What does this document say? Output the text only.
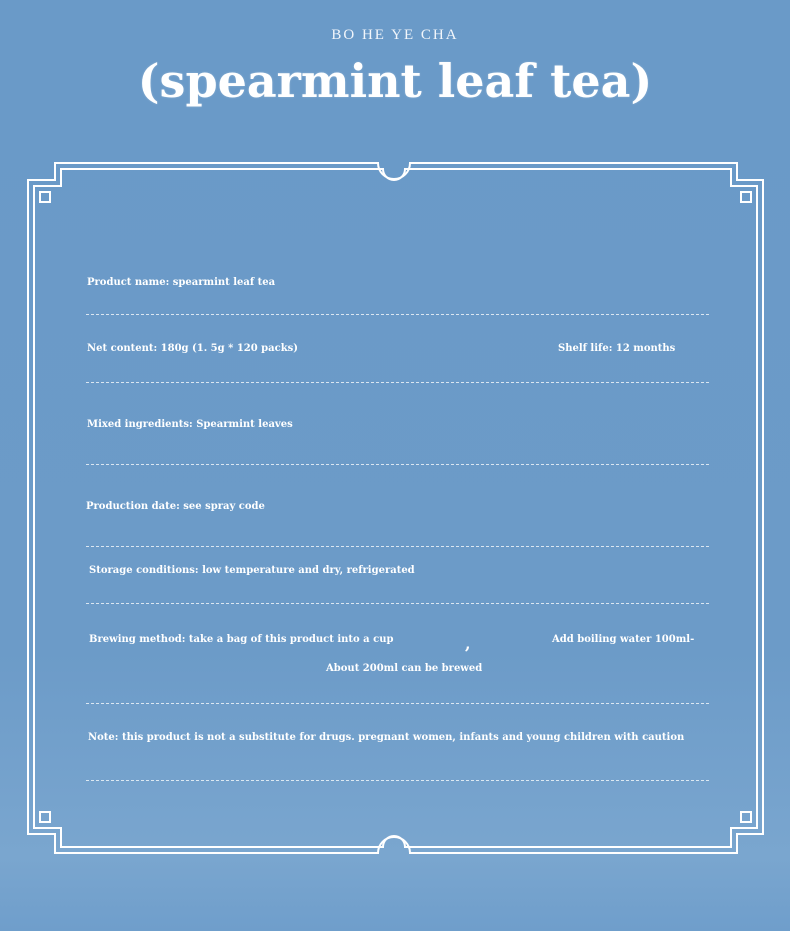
BO HE YE CHA
(spearmint leaf tea)
Product name: spearmint leaf tea
Net content: 180g (1. 5g * 120 packs)	Shelf life: 12 months
Mixed ingredients: Spearmint leaves
Production date: see spray code
Storage conditions: low temperature and dry, refrigerated
Brewing method: take a bag of this product into a cup	,	Add boiling water 100ml-
About 200ml can be brewed
Note: this product is not a substitute for drugs. pregnant women, infants and young children with caution
